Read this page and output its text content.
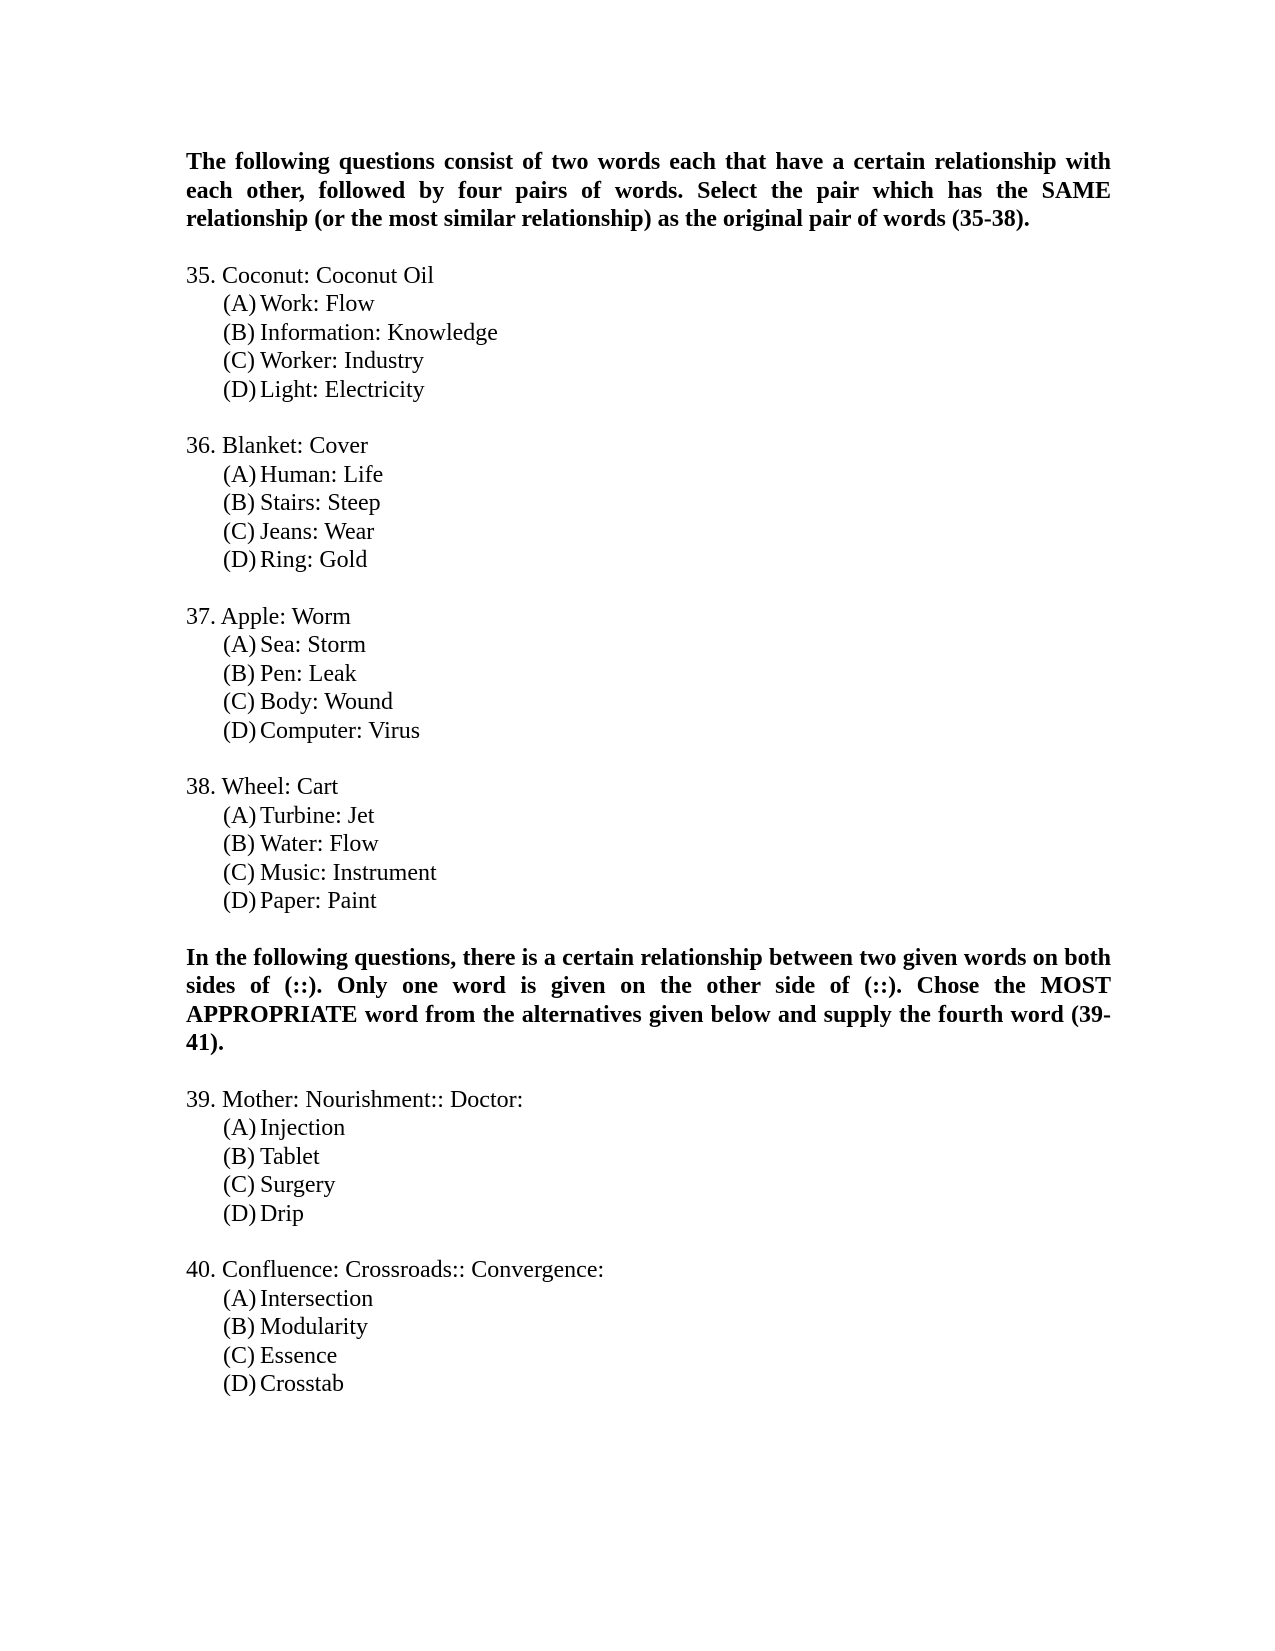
The following questions consist of two words each that have a certain relationship with each other, followed by four pairs of words. Select the pair which has the SAME relationship (or the most similar relationship) as the original pair of words (35-38).

35. Coconut: Coconut Oil
(A) Work: Flow
(B) Information: Knowledge
(C) Worker: Industry
(D) Light: Electricity
36. Blanket: Cover
(A) Human: Life
(B) Stairs: Steep
(C) Jeans: Wear
(D) Ring: Gold
37. Apple: Worm
(A) Sea: Storm
(B) Pen: Leak
(C) Body: Wound
(D) Computer: Virus
38. Wheel: Cart
(A) Turbine: Jet
(B) Water: Flow
(C) Music: Instrument
(D) Paper: Paint

In the following questions, there is a certain relationship between two given words on both sides of (::). Only one word is given on the other side of (::). Chose the MOST APPROPRIATE word from the alternatives given below and supply the fourth word (39-41).

39. Mother: Nourishment:: Doctor:
(A) Injection
(B) Tablet
(C) Surgery
(D) Drip
40. Confluence: Crossroads:: Convergence:
(A) Intersection
(B) Modularity
(C) Essence
(D) Crosstab
